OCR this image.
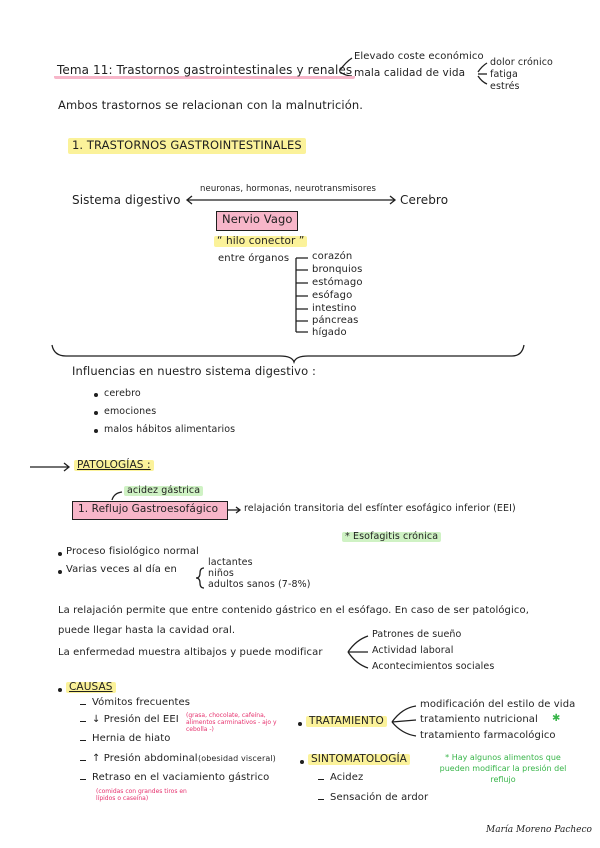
Tema 11: Trastornos gastrointestinales y renales
Elevado coste económico
mala calidad de vida
dolor crónico
fatiga
estrés
Ambos trastornos se relacionan con la malnutrición.
1. TRASTORNOS GASTROINTESTINALES
Sistema digestivo	Cerebro
neuronas, hormonas, neurotransmisores
Nervio Vago
“ hilo conector ”
entre órganos corazón
bronquios
estómago
esófago
intestino
páncreas
hígado
Influencias en nuestro sistema digestivo :
cerebro
emociones
malos hábitos alimentarios
PATOLOGÍAS :
acidez gástrica
1. Reflujo Gastroesofágico	relajación transitoria del esfínter esofágico inferior (EEI)
* Esofagitis crónica
Proceso fisiológico normal
Varias veces al día en
lactantes
niños
adultos sanos (7-8%)
La relajación permite que entre contenido gástrico en el esófago. En caso de ser patológico,
puede llegar hasta la cavidad oral.
La enfermedad muestra altibajos y puede modificar
Patrones de sueño
Actividad laboral
Acontecimientos sociales
CAUSAS
Vómitos frecuentes
↓ Presión del EEI (grasa, chocolate, cafeína, alimentos carminativos - ajo y cebolla -)
Hernia de hiato
↑ Presión abdominal (obesidad visceral)
Retraso en el vaciamiento gástrico
(comidas con grandes tiros en lípidos o caseína)
TRATAMIENTO
modificación del estilo de vida
tratamiento nutricional ✱
tratamiento farmacológico
SINTOMATOLOGÍA
Acidez
Sensación de ardor
* Hay algunos alimentos que pueden modificar la presión del reflujo
María Moreno Pacheco
